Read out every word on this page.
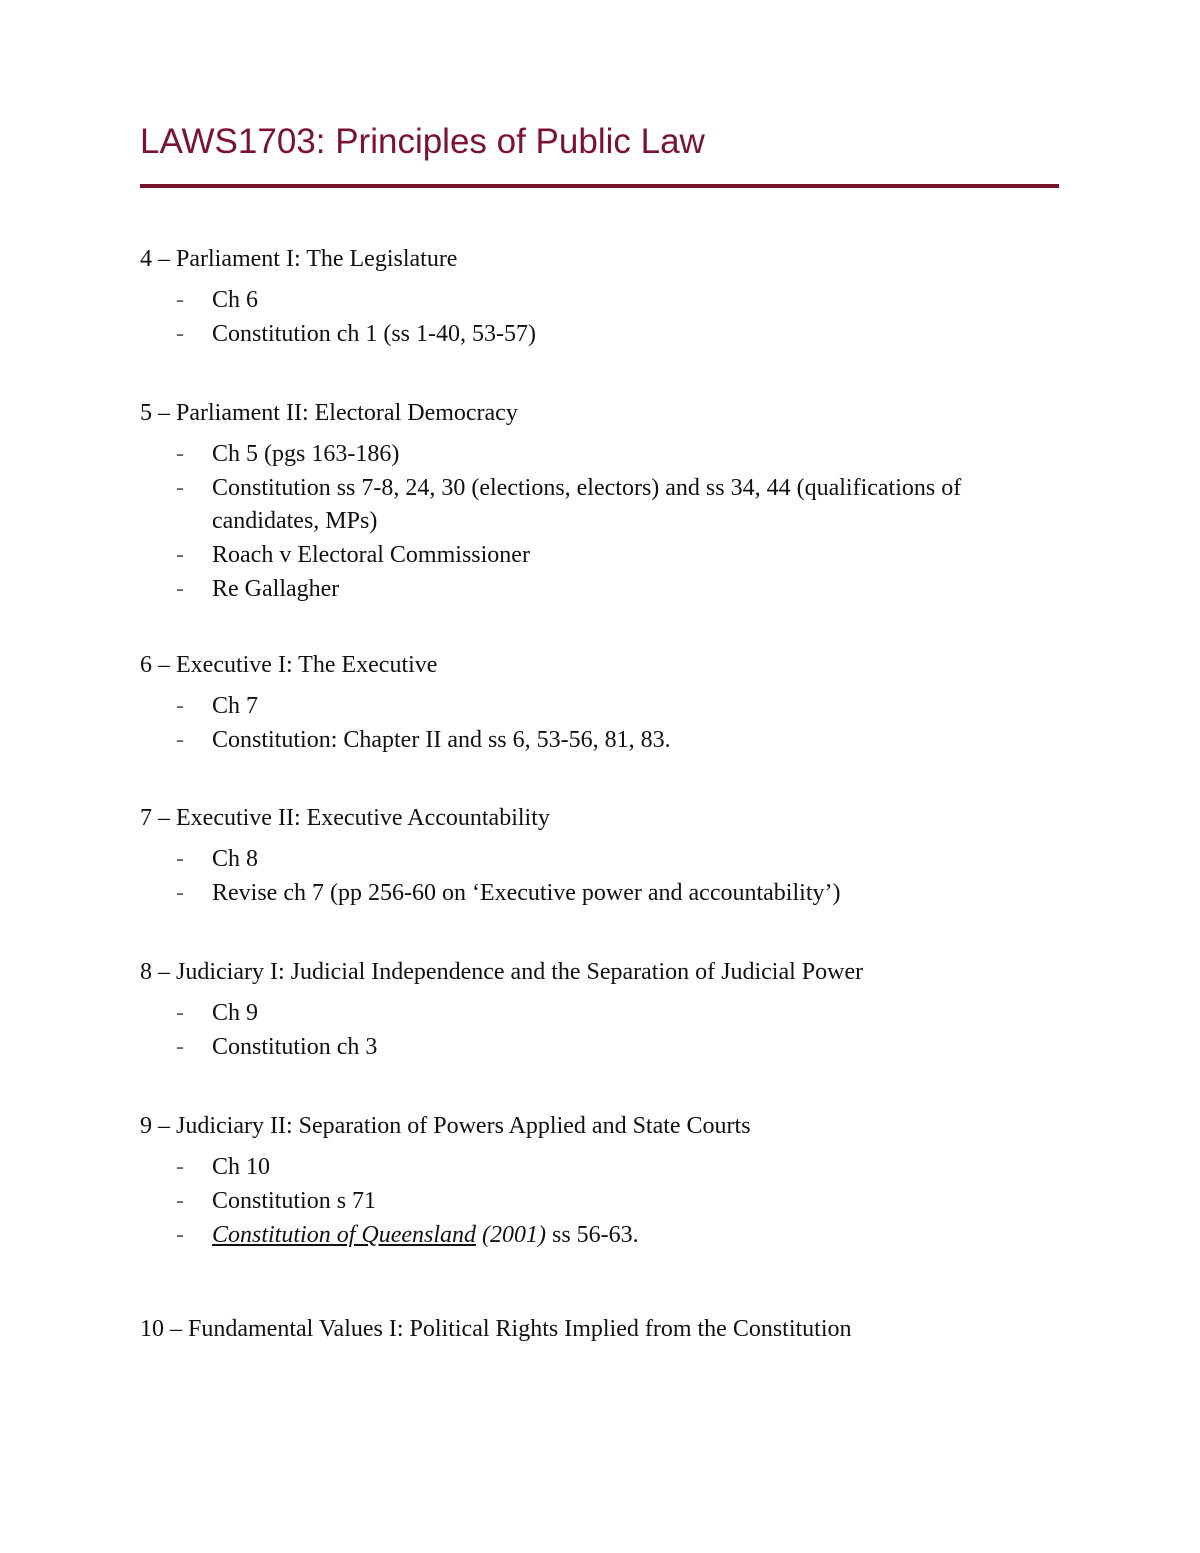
LAWS1703: Principles of Public Law
4 – Parliament I: The Legislature
- Ch 6
- Constitution ch 1 (ss 1-40, 53-57)
5 – Parliament II: Electoral Democracy
- Ch 5 (pgs 163-186)
- Constitution ss 7-8, 24, 30 (elections, electors) and ss 34, 44 (qualifications of candidates, MPs)
- Roach v Electoral Commissioner
- Re Gallagher
6 – Executive I: The Executive
- Ch 7
- Constitution: Chapter II and ss 6, 53-56, 81, 83.
7 – Executive II: Executive Accountability
- Ch 8
- Revise ch 7 (pp 256-60 on ‘Executive power and accountability’)
8 – Judiciary I: Judicial Independence and the Separation of Judicial Power
- Ch 9
- Constitution ch 3
9 – Judiciary II: Separation of Powers Applied and State Courts
- Ch 10
- Constitution s 71
- Constitution of Queensland (2001) ss 56-63.
10 – Fundamental Values I: Political Rights Implied from the Constitution
